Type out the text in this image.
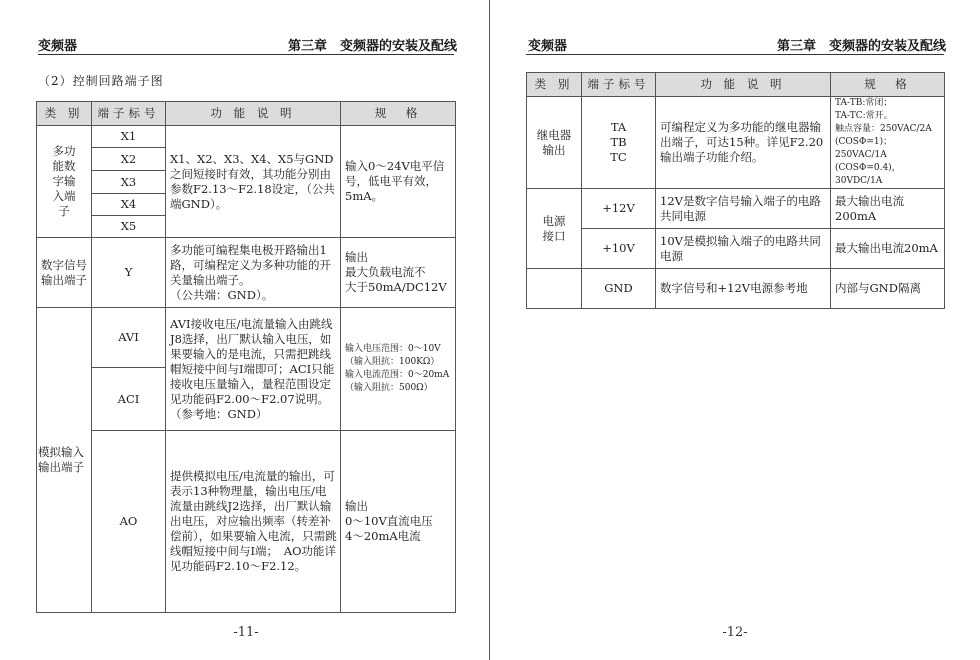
变频器	第三章　变频器的安装及配线
（2）控制回路端子图
类 别	端子标号	功 能 说 明	规　格
多功
能数
字输
入端
子	X1	X1、X2、X3、X4、X5与GND之间短接时有效，其功能分别由参数F2.13～F2.18设定，（公共端GND）。	输入0～24V电平信号，低电平有效，5mA。
	X2		
	X3		
	X4		
	X5		
数字信号
输出端子	Y	多功能可编程集电极开路输出1路，可编程定义为多种功能的开关量输出端子。
（公共端：GND）。	输出
最大负载电流不
大于50mA/DC12V
模拟输入
输出端子	AVI	AVI接收电压/电流量输入由跳线J8选择，出厂默认输入电压，如果要输入的是电流，只需把跳线帽短接中间与I端即可；ACI只能接收电压量输入，量程范围设定见功能码F2.00～F2.07说明。
（参考地：GND）	输入电压范围：0～10V
（输入阻抗：100KΩ）
输入电流范围：0～20mA
（输入阻抗：500Ω）
	ACI		
	AO	提供模拟电压/电流量的输出，可表示13种物理量，输出电压/电流量由跳线J2选择，出厂默认输出电压，对应输出频率（转差补偿前），如果要输入电流，只需跳线帽短接中间与I端；　AO功能详见功能码F2.10～F2.12。	输出
0～10V直流电压
4～20mA电流
-11-
变频器	第三章　变频器的安装及配线
类 别	端子标号	功 能 说 明	规　格
继电器
输出	TA
TB
TC	可编程定义为多功能的继电器输出端子，可达15种。详见F2.20输出端子功能介绍。	TA-TB:常闭；
TA-TC:常开。
触点容量：250VAC/2A
(COSΦ=1)；250VAC/1A
(COSΦ=0.4)，30VDC/1A
电源
接口	+12V	12V是数字信号输入端子的电路共同电源	最大输出电流
200mA
	+10V	10V是模拟输入端子的电路共同电源	最大输出电流20mA
	GND	数字信号和+12V电源参考地	内部与GND隔离
-12-
